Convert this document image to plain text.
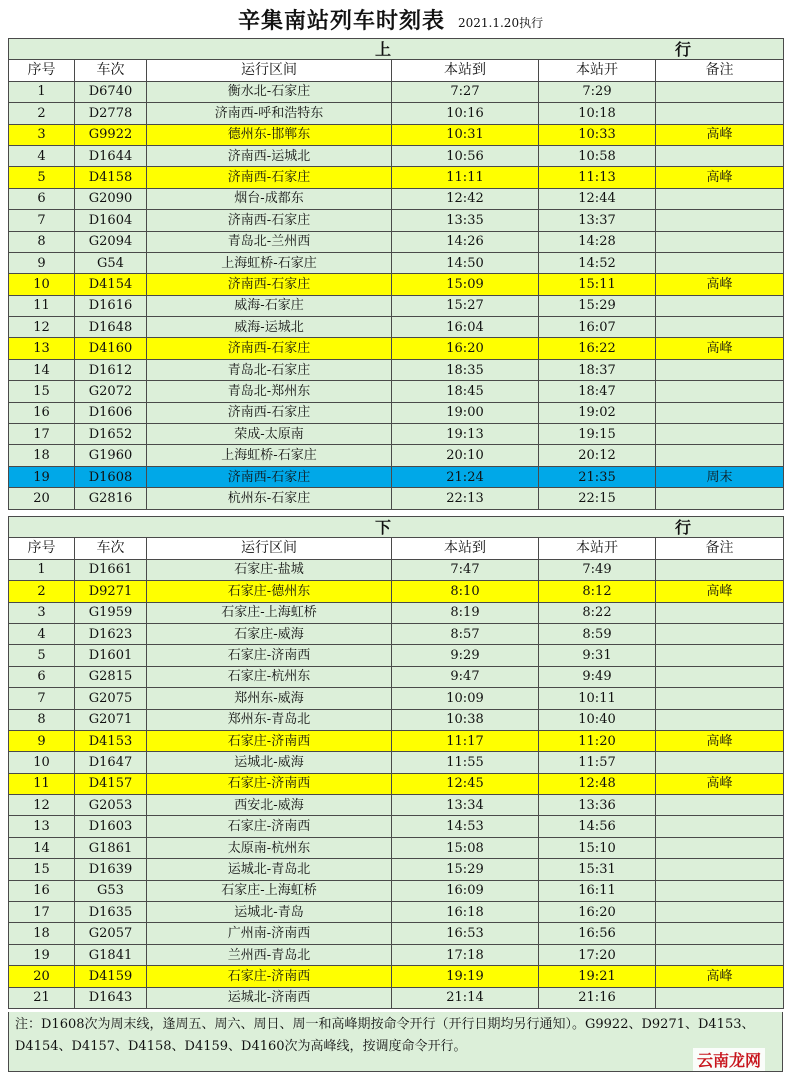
辛集南站列车时刻表 2021.1.20执行
上 行					
序号	车次	运行区间	本站到	本站开	备注
1	D6740	衡水北-石家庄	7:27	7:29	
2	D2778	济南西-呼和浩特东	10:16	10:18	
3	G9922	德州东-邯郸东	10:31	10:33	高峰
4	D1644	济南西-运城北	10:56	10:58	
5	D4158	济南西-石家庄	11:11	11:13	高峰
6	G2090	烟台-成都东	12:42	12:44	
7	D1604	济南西-石家庄	13:35	13:37	
8	G2094	青岛北-兰州西	14:26	14:28	
9	G54	上海虹桥-石家庄	14:50	14:52	
10	D4154	济南西-石家庄	15:09	15:11	高峰
11	D1616	威海-石家庄	15:27	15:29	
12	D1648	威海-运城北	16:04	16:07	
13	D4160	济南西-石家庄	16:20	16:22	高峰
14	D1612	青岛北-石家庄	18:35	18:37	
15	G2072	青岛北-郑州东	18:45	18:47	
16	D1606	济南西-石家庄	19:00	19:02	
17	D1652	荣成-太原南	19:13	19:15	
18	G1960	上海虹桥-石家庄	20:10	20:12	
19	D1608	济南西-石家庄	21:24	21:35	周末
20	G2816	杭州东-石家庄	22:13	22:15	
下 行					
序号	车次	运行区间	本站到	本站开	备注
1	D1661	石家庄-盐城	7:47	7:49	
2	D9271	石家庄-德州东	8:10	8:12	高峰
3	G1959	石家庄-上海虹桥	8:19	8:22	
4	D1623	石家庄-威海	8:57	8:59	
5	D1601	石家庄-济南西	9:29	9:31	
6	G2815	石家庄-杭州东	9:47	9:49	
7	G2075	郑州东-威海	10:09	10:11	
8	G2071	郑州东-青岛北	10:38	10:40	
9	D4153	石家庄-济南西	11:17	11:20	高峰
10	D1647	运城北-威海	11:55	11:57	
11	D4157	石家庄-济南西	12:45	12:48	高峰
12	G2053	西安北-威海	13:34	13:36	
13	D1603	石家庄-济南西	14:53	14:56	
14	G1861	太原南-杭州东	15:08	15:10	
15	D1639	运城北-青岛北	15:29	15:31	
16	G53	石家庄-上海虹桥	16:09	16:11	
17	D1635	运城北-青岛	16:18	16:20	
18	G2057	广州南-济南西	16:53	16:56	
19	G1841	兰州西-青岛北	17:18	17:20	
20	D4159	石家庄-济南西	19:19	19:21	高峰
21	D1643	运城北-济南西	21:14	21:16	
注：D1608次为周末线，逢周五、周六、周日、周一和高峰期按命令开行（开行日期均另行通知）。G9922、D9271、D4153、D4154、D4157、D4158、D4159、D4160次为高峰线，按调度命令开行。
云南龙网
